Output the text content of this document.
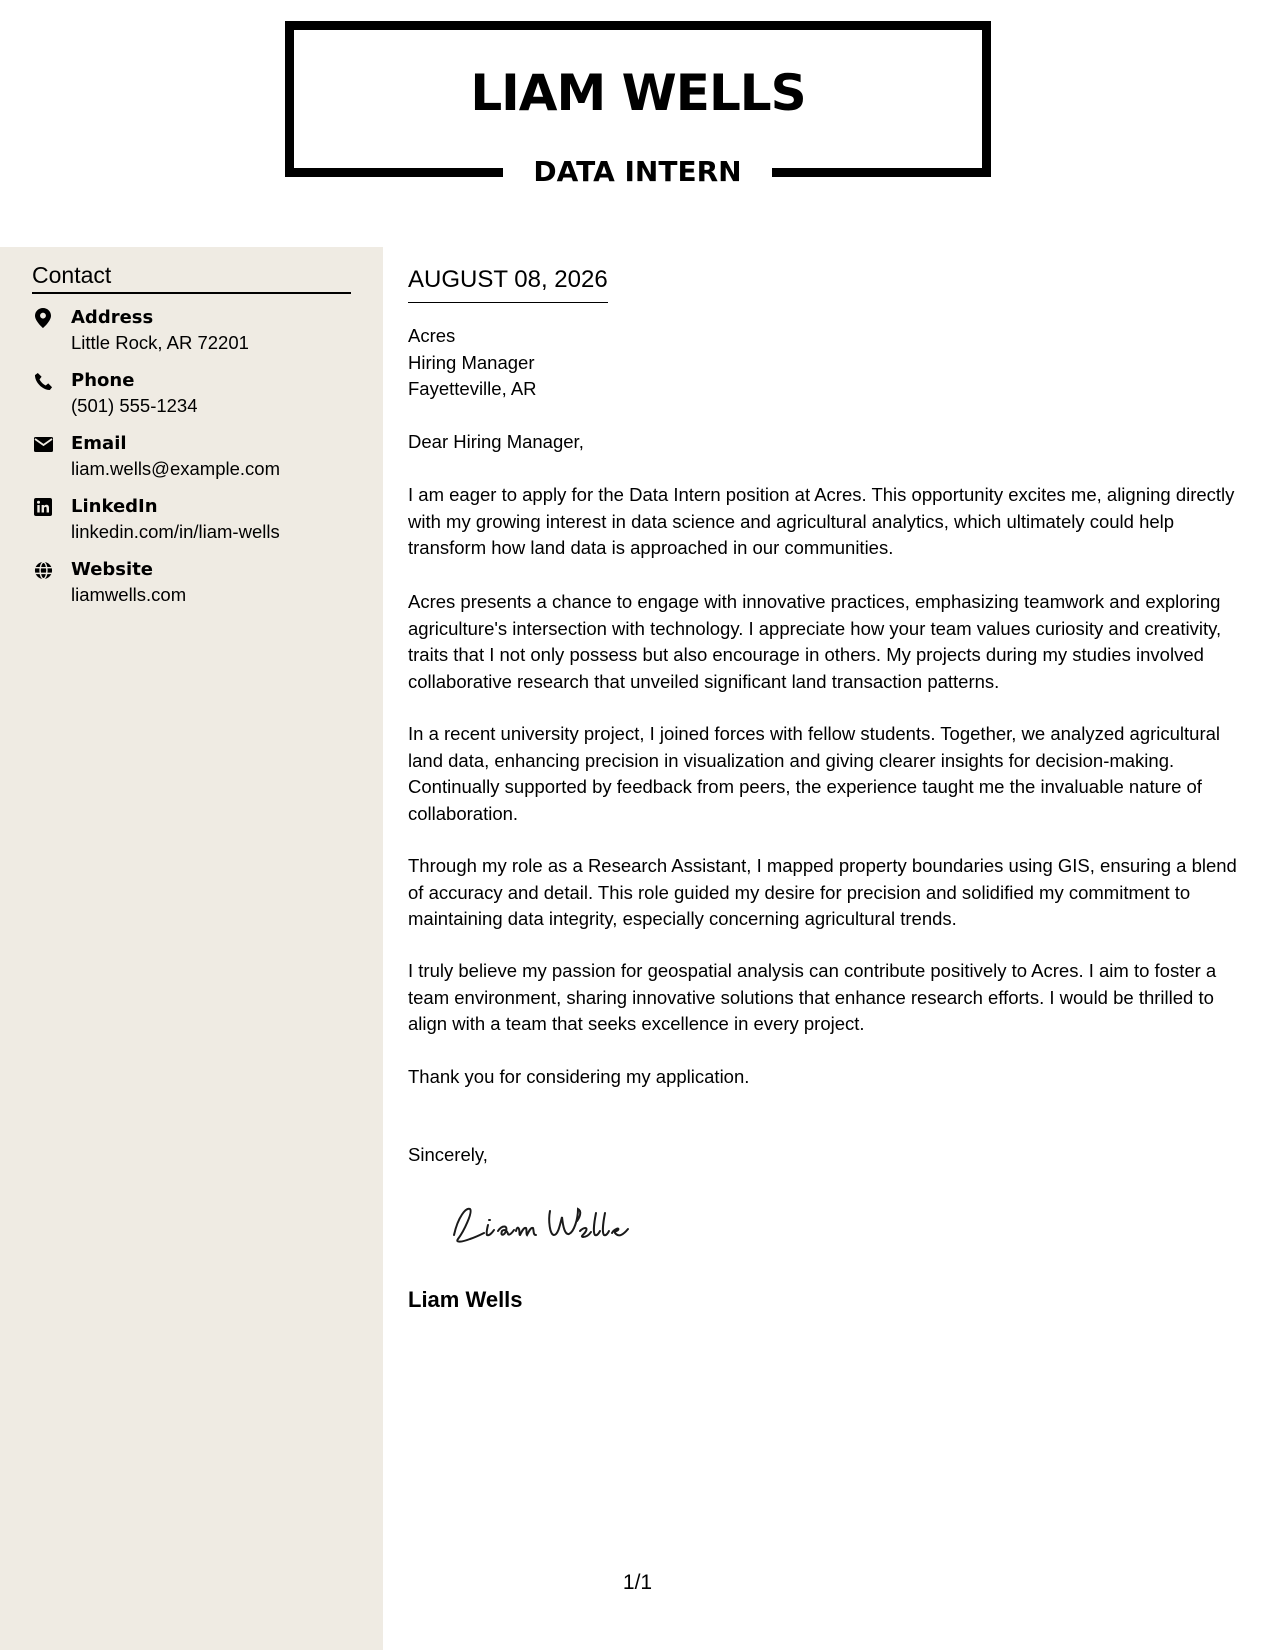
LIAM WELLS
DATA INTERN
Contact
Address
Little Rock, AR 72201
Phone
(501) 555-1234
Email
liam.wells@example.com
LinkedIn
linkedin.com/in/liam-wells
Website
liamwells.com
AUGUST 08, 2026
Acres
Hiring Manager
Fayetteville, AR
Dear Hiring Manager,
I am eager to apply for the Data Intern position at Acres. This opportunity excites me, aligning directly with my growing interest in data science and agricultural analytics, which ultimately could help transform how land data is approached in our communities.
Acres presents a chance to engage with innovative practices, emphasizing teamwork and exploring agriculture's intersection with technology. I appreciate how your team values curiosity and creativity, traits that I not only possess but also encourage in others. My projects during my studies involved collaborative research that unveiled significant land transaction patterns.
In a recent university project, I joined forces with fellow students. Together, we analyzed agricultural land data, enhancing precision in visualization and giving clearer insights for decision-making. Continually supported by feedback from peers, the experience taught me the invaluable nature of collaboration.
Through my role as a Research Assistant, I mapped property boundaries using GIS, ensuring a blend of accuracy and detail. This role guided my desire for precision and solidified my commitment to maintaining data integrity, especially concerning agricultural trends.
I truly believe my passion for geospatial analysis can contribute positively to Acres. I aim to foster a team environment, sharing innovative solutions that enhance research efforts. I would be thrilled to align with a team that seeks excellence in every project.
Thank you for considering my application.
Sincerely,
Liam Wells
1/1
